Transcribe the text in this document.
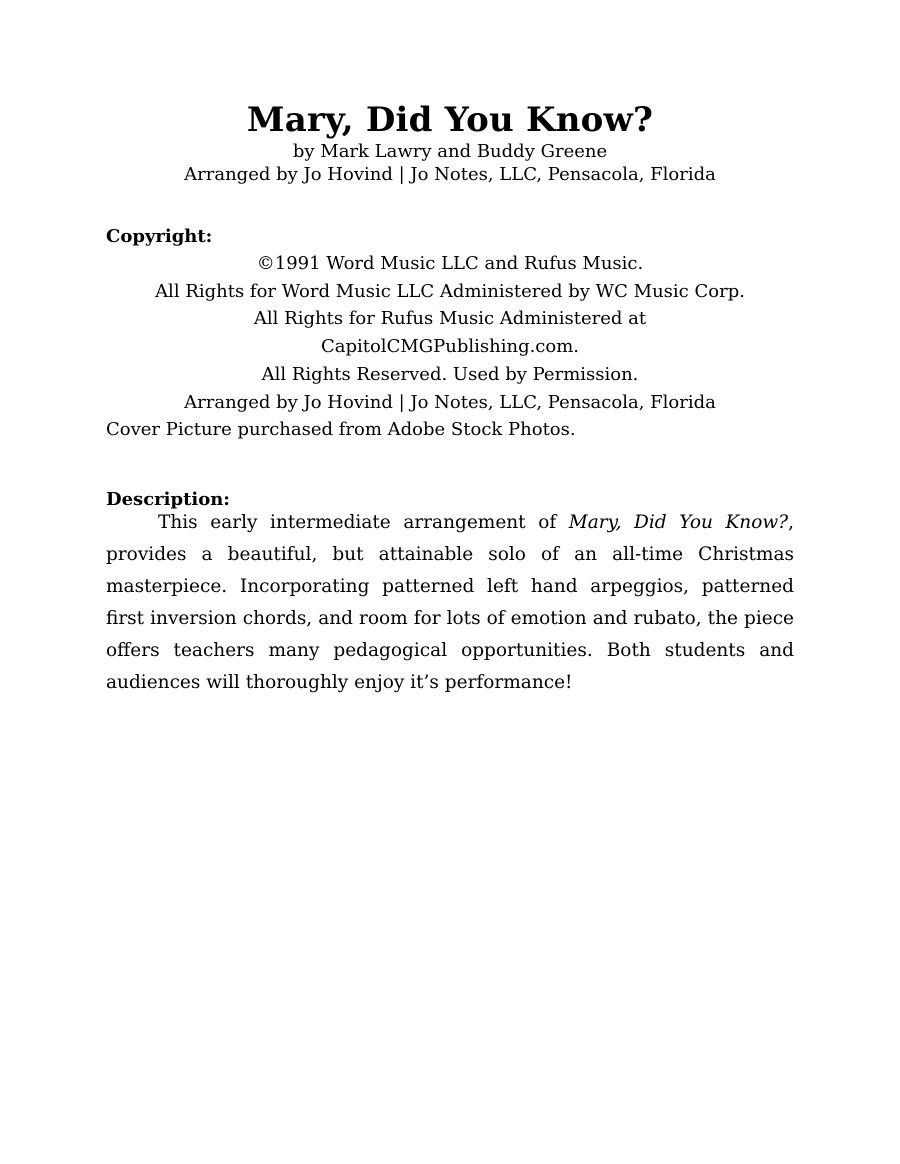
Mary, Did You Know?
by Mark Lawry and Buddy Greene
Arranged by Jo Hovind | Jo Notes, LLC, Pensacola, Florida
Copyright:
©1991 Word Music LLC and Rufus Music.
All Rights for Word Music LLC Administered by WC Music Corp.
All Rights for Rufus Music Administered at
CapitolCMGPublishing.com.
All Rights Reserved. Used by Permission.
Arranged by Jo Hovind | Jo Notes, LLC, Pensacola, Florida
Cover Picture purchased from Adobe Stock Photos.
Description:
This early intermediate arrangement of Mary, Did You Know?, provides a beautiful, but attainable solo of an all-time Christmas masterpiece. Incorporating patterned left hand arpeggios, patterned first inversion chords, and room for lots of emotion and rubato, the piece offers teachers many pedagogical opportunities. Both students and audiences will thoroughly enjoy it’s performance!
